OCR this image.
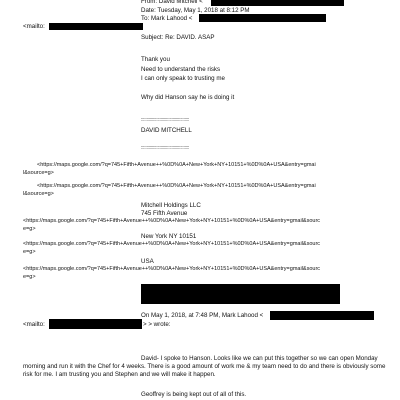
From: David Mitchell <
Date: Tuesday, May 1, 2018 at 8:12 PM
To: Mark Lahood <
<mailto:
Subject: Re: DAVID. ASAP
Thank you
Need to understand the risks
I can only speak to trusting me
Why did Hanson say he is doing it
::::::::::::::::::::::::::::::::::::::::::::
DAVID MITCHELL
::::::::::::::::::::::::::::::::::::::::::::
<https://maps.google.com/?q=745+Fifth+Avenue++%0D%0A+New+York+NY+10151+%0D%0A+USA&entry=gmai
l&source=g>
<https://maps.google.com/?q=745+Fifth+Avenue++%0D%0A+New+York+NY+10151+%0D%0A+USA&entry=gmai
l&source=g>
Mitchell Holdings LLC
745 Fifth Avenue
<https://maps.google.com/?q=745+Fifth+Avenue++%0D%0A+New+York+NY+10151+%0D%0A+USA&entry=gmail&sourc
e=g>
New York NY 10151
<https://maps.google.com/?q=745+Fifth+Avenue++%0D%0A+New+York+NY+10151+%0D%0A+USA&entry=gmail&sourc
e=g>
USA
<https://maps.google.com/?q=745+Fifth+Avenue++%0D%0A+New+York+NY+10151+%0D%0A+USA&entry=gmail&sourc
e=g>
On May 1, 2018, at 7:48 PM, Mark Lahood <
<mailto:	> > wrote:
David- I spoke to Hanson. Looks like we can put this together so we can open Monday morning and run it with the Chef for 4 weeks. There is a good amount of work me & my team need to do and there is obviously some risk for me. I am trusting you and Stephen and we will make it happen.
Geoffrey is being kept out of all of this.
